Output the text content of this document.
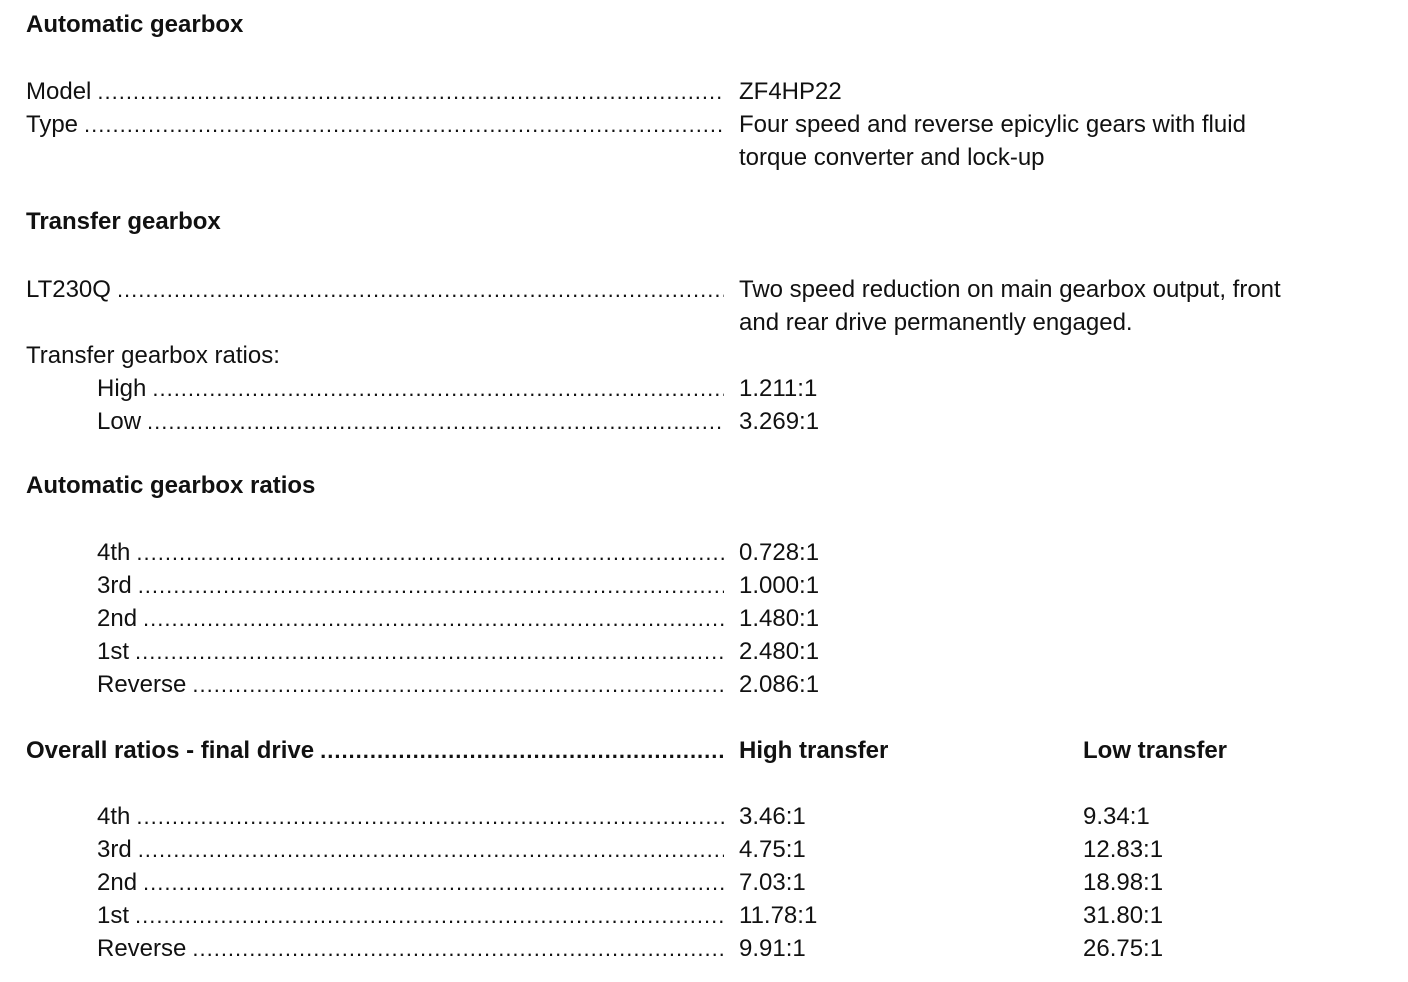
Automatic gearbox
Model .....	ZF4HP22
Type .....	Four speed and reverse epicylic gears with fluid
torque converter and lock-up
Transfer gearbox
LT230Q .....	Two speed reduction on main gearbox output, front
and rear drive permanently engaged.
Transfer gearbox ratios:
High .....	1.211:1
Low .....	3.269:1
Automatic gearbox ratios
4th .....	0.728:1
3rd .....	1.000:1
2nd .....	1.480:1
1st .....	2.480:1
Reverse .....	2.086:1
Overall ratios - final drive .....	High transfer	Low transfer
4th .....	3.46:1	9.34:1
3rd .....	4.75:1	12.83:1
2nd .....	7.03:1	18.98:1
1st .....	11.78:1	31.80:1
Reverse .....	9.91:1	26.75:1
